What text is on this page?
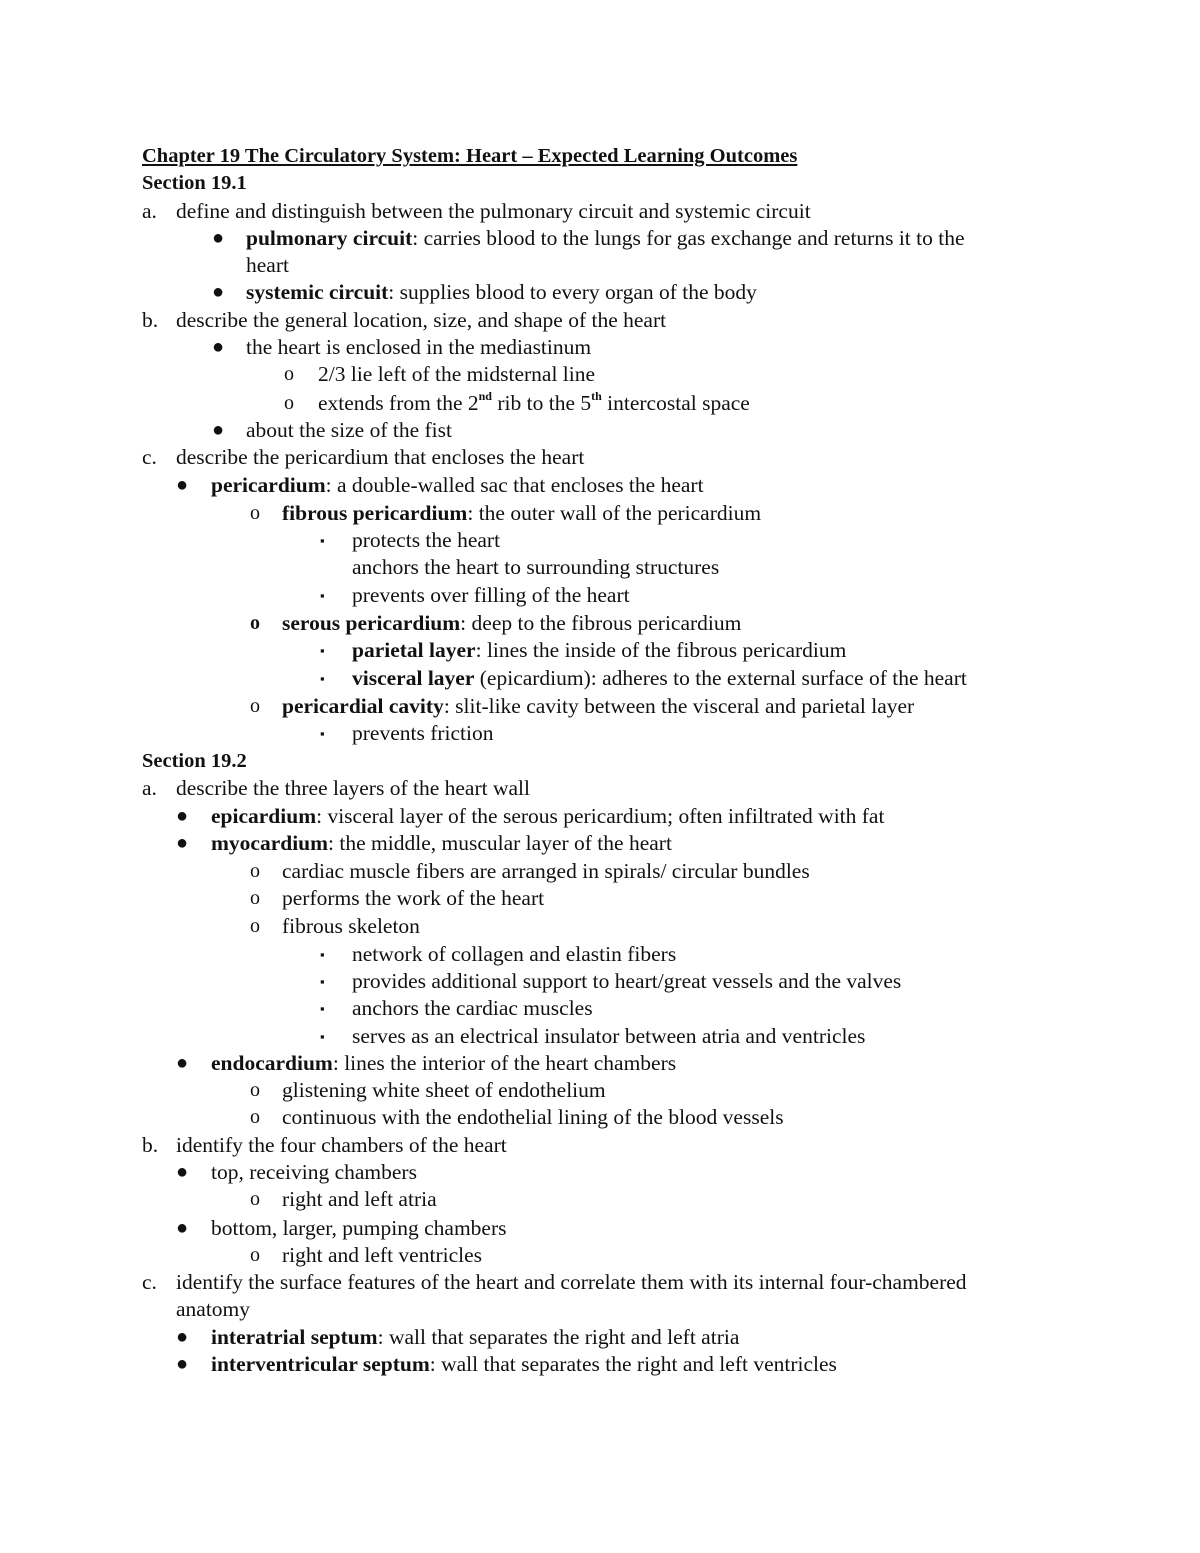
Chapter 19 The Circulatory System: Heart – Expected Learning Outcomes
Section 19.1
a. define and distinguish between the pulmonary circuit and systemic circuit
● pulmonary circuit: carries blood to the lungs for gas exchange and returns it to the
heart
● systemic circuit: supplies blood to every organ of the body
b. describe the general location, size, and shape of the heart
● the heart is enclosed in the mediastinum
o 2/3 lie left of the midsternal line
o extends from the 2nd rib to the 5th intercostal space
● about the size of the fist
c. describe the pericardium that encloses the heart
● pericardium: a double-walled sac that encloses the heart
o fibrous pericardium: the outer wall of the pericardium
▪ protects the heart
anchors the heart to surrounding structures
▪ prevents over filling of the heart
o serous pericardium: deep to the fibrous pericardium
▪ parietal layer: lines the inside of the fibrous pericardium
▪ visceral layer (epicardium): adheres to the external surface of the heart
o pericardial cavity: slit-like cavity between the visceral and parietal layer
▪ prevents friction
Section 19.2
a. describe the three layers of the heart wall
● epicardium: visceral layer of the serous pericardium; often infiltrated with fat
● myocardium: the middle, muscular layer of the heart
o cardiac muscle fibers are arranged in spirals/ circular bundles
o performs the work of the heart
o fibrous skeleton
▪ network of collagen and elastin fibers
▪ provides additional support to heart/great vessels and the valves
▪ anchors the cardiac muscles
▪ serves as an electrical insulator between atria and ventricles
● endocardium: lines the interior of the heart chambers
o glistening white sheet of endothelium
o continuous with the endothelial lining of the blood vessels
b. identify the four chambers of the heart
● top, receiving chambers
o right and left atria
● bottom, larger, pumping chambers
o right and left ventricles
c. identify the surface features of the heart and correlate them with its internal four-chambered
anatomy
● interatrial septum: wall that separates the right and left atria
● interventricular septum: wall that separates the right and left ventricles
